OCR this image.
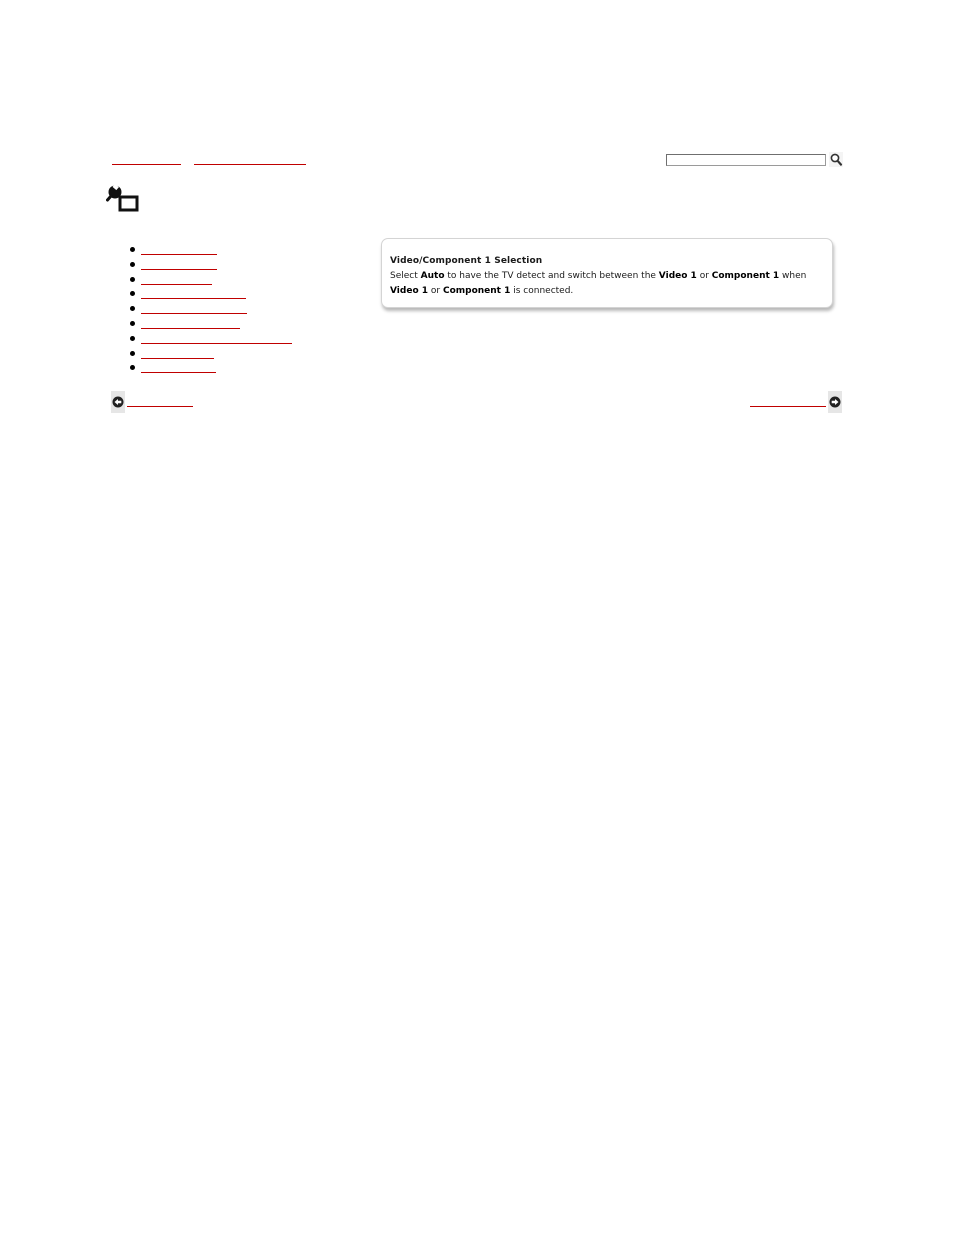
Video/Component 1 Selection
Select Auto to have the TV detect and switch between the Video 1 or Component 1 when
Video 1 or Component 1 is connected.
